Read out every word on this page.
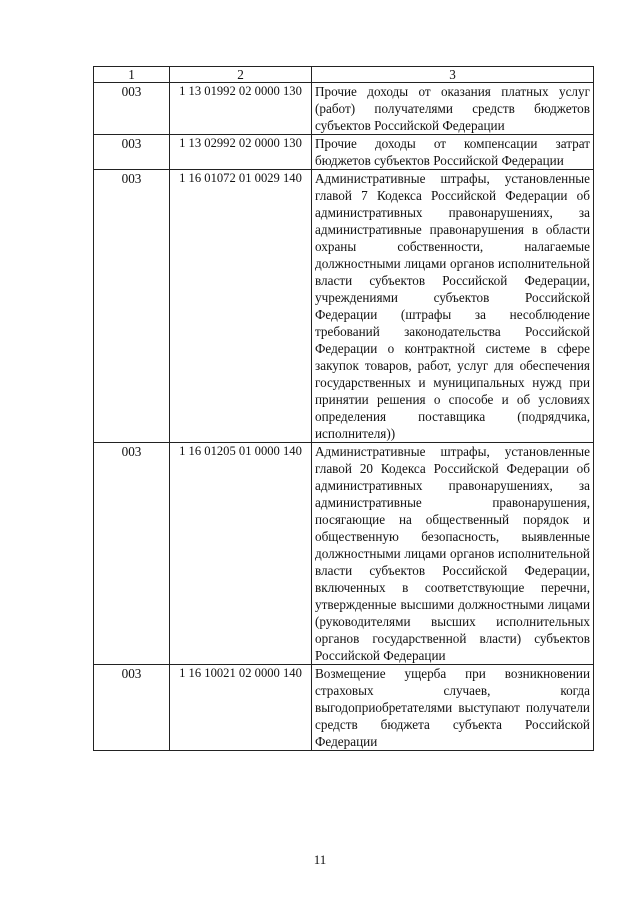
1	2	3
003	1 13 01992 02 0000 130	Прочие доходы от оказания платных услуг (работ) получателями средств бюджетов субъектов Российской Федерации
003	1 13 02992 02 0000 130	Прочие доходы от компенсации затрат бюджетов субъектов Российской Федерации
003	1 16 01072 01 0029 140	Административные штрафы, установленные главой 7 Кодекса Российской Федерации об административных правонарушениях, за административные правонарушения в области охраны собственности, налагаемые должностными лицами органов исполнительной власти субъектов Российской Федерации, учреждениями субъектов Российской Федерации (штрафы за несоблюдение требований законодательства Российской Федерации о контрактной системе в сфере закупок товаров, работ, услуг для обеспечения государственных и муниципальных нужд при принятии решения о способе и об условиях определения поставщика (подрядчика, исполнителя))
003	1 16 01205 01 0000 140	Административные штрафы, установленные главой 20 Кодекса Российской Федерации об административных правонарушениях, за административные правонарушения, посягающие на общественный порядок и общественную безопасность, выявленные должностными лицами органов исполнительной власти субъектов Российской Федерации, включенных в соответствующие перечни, утвержденные высшими должностными лицами (руководителями высших исполнительных органов государственной власти) субъектов Российской Федерации
003	1 16 10021 02 0000 140	Возмещение ущерба при возникновении страховых случаев, когда выгодоприобретателями выступают получатели средств бюджета субъекта Российской Федерации
11
